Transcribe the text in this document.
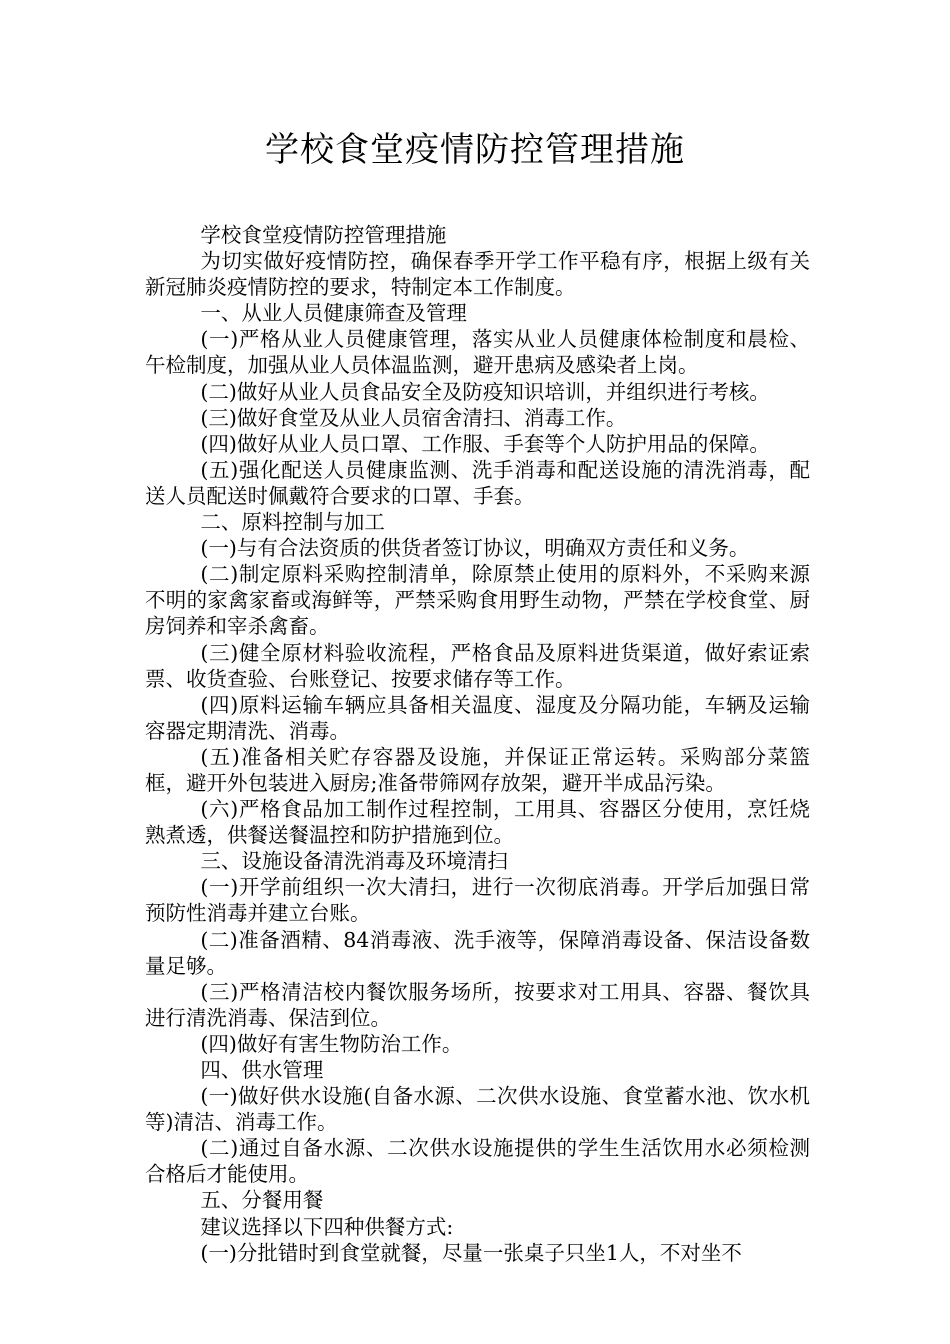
学校食堂疫情防控管理措施

学校食堂疫情防控管理措施

为切实做好疫情防控，确保春季开学工作平稳有序，根据上级有关新冠肺炎疫情防控的要求，特制定本工作制度。

一、从业人员健康筛查及管理

(一)严格从业人员健康管理，落实从业人员健康体检制度和晨检、午检制度，加强从业人员体温监测，避开患病及感染者上岗。

(二)做好从业人员食品安全及防疫知识培训，并组织进行考核。

(三)做好食堂及从业人员宿舍清扫、消毒工作。

(四)做好从业人员口罩、工作服、手套等个人防护用品的保障。

(五)强化配送人员健康监测、洗手消毒和配送设施的清洗消毒，配送人员配送时佩戴符合要求的口罩、手套。

二、原料控制与加工

(一)与有合法资质的供货者签订协议，明确双方责任和义务。

(二)制定原料采购控制清单，除原禁止使用的原料外，不采购来源不明的家禽家畜或海鲜等，严禁采购食用野生动物，严禁在学校食堂、厨房饲养和宰杀禽畜。

(三)健全原材料验收流程，严格食品及原料进货渠道，做好索证索票、收货查验、台账登记、按要求储存等工作。

(四)原料运输车辆应具备相关温度、湿度及分隔功能，车辆及运输容器定期清洗、消毒。

(五)准备相关贮存容器及设施，并保证正常运转。采购部分菜篮框，避开外包装进入厨房;准备带筛网存放架，避开半成品污染。

(六)严格食品加工制作过程控制，工用具、容器区分使用，烹饪烧熟煮透，供餐送餐温控和防护措施到位。

三、设施设备清洗消毒及环境清扫

(一)开学前组织一次大清扫，进行一次彻底消毒。开学后加强日常预防性消毒并建立台账。

(二)准备酒精、84消毒液、洗手液等，保障消毒设备、保洁设备数量足够。

(三)严格清洁校内餐饮服务场所，按要求对工用具、容器、餐饮具进行清洗消毒、保洁到位。

(四)做好有害生物防治工作。

四、供水管理

(一)做好供水设施(自备水源、二次供水设施、食堂蓄水池、饮水机等)清洁、消毒工作。

(二)通过自备水源、二次供水设施提供的学生生活饮用水必须检测合格后才能使用。

五、分餐用餐

建议选择以下四种供餐方式:

(一)分批错时到食堂就餐，尽量一张桌子只坐1人，不对坐不
